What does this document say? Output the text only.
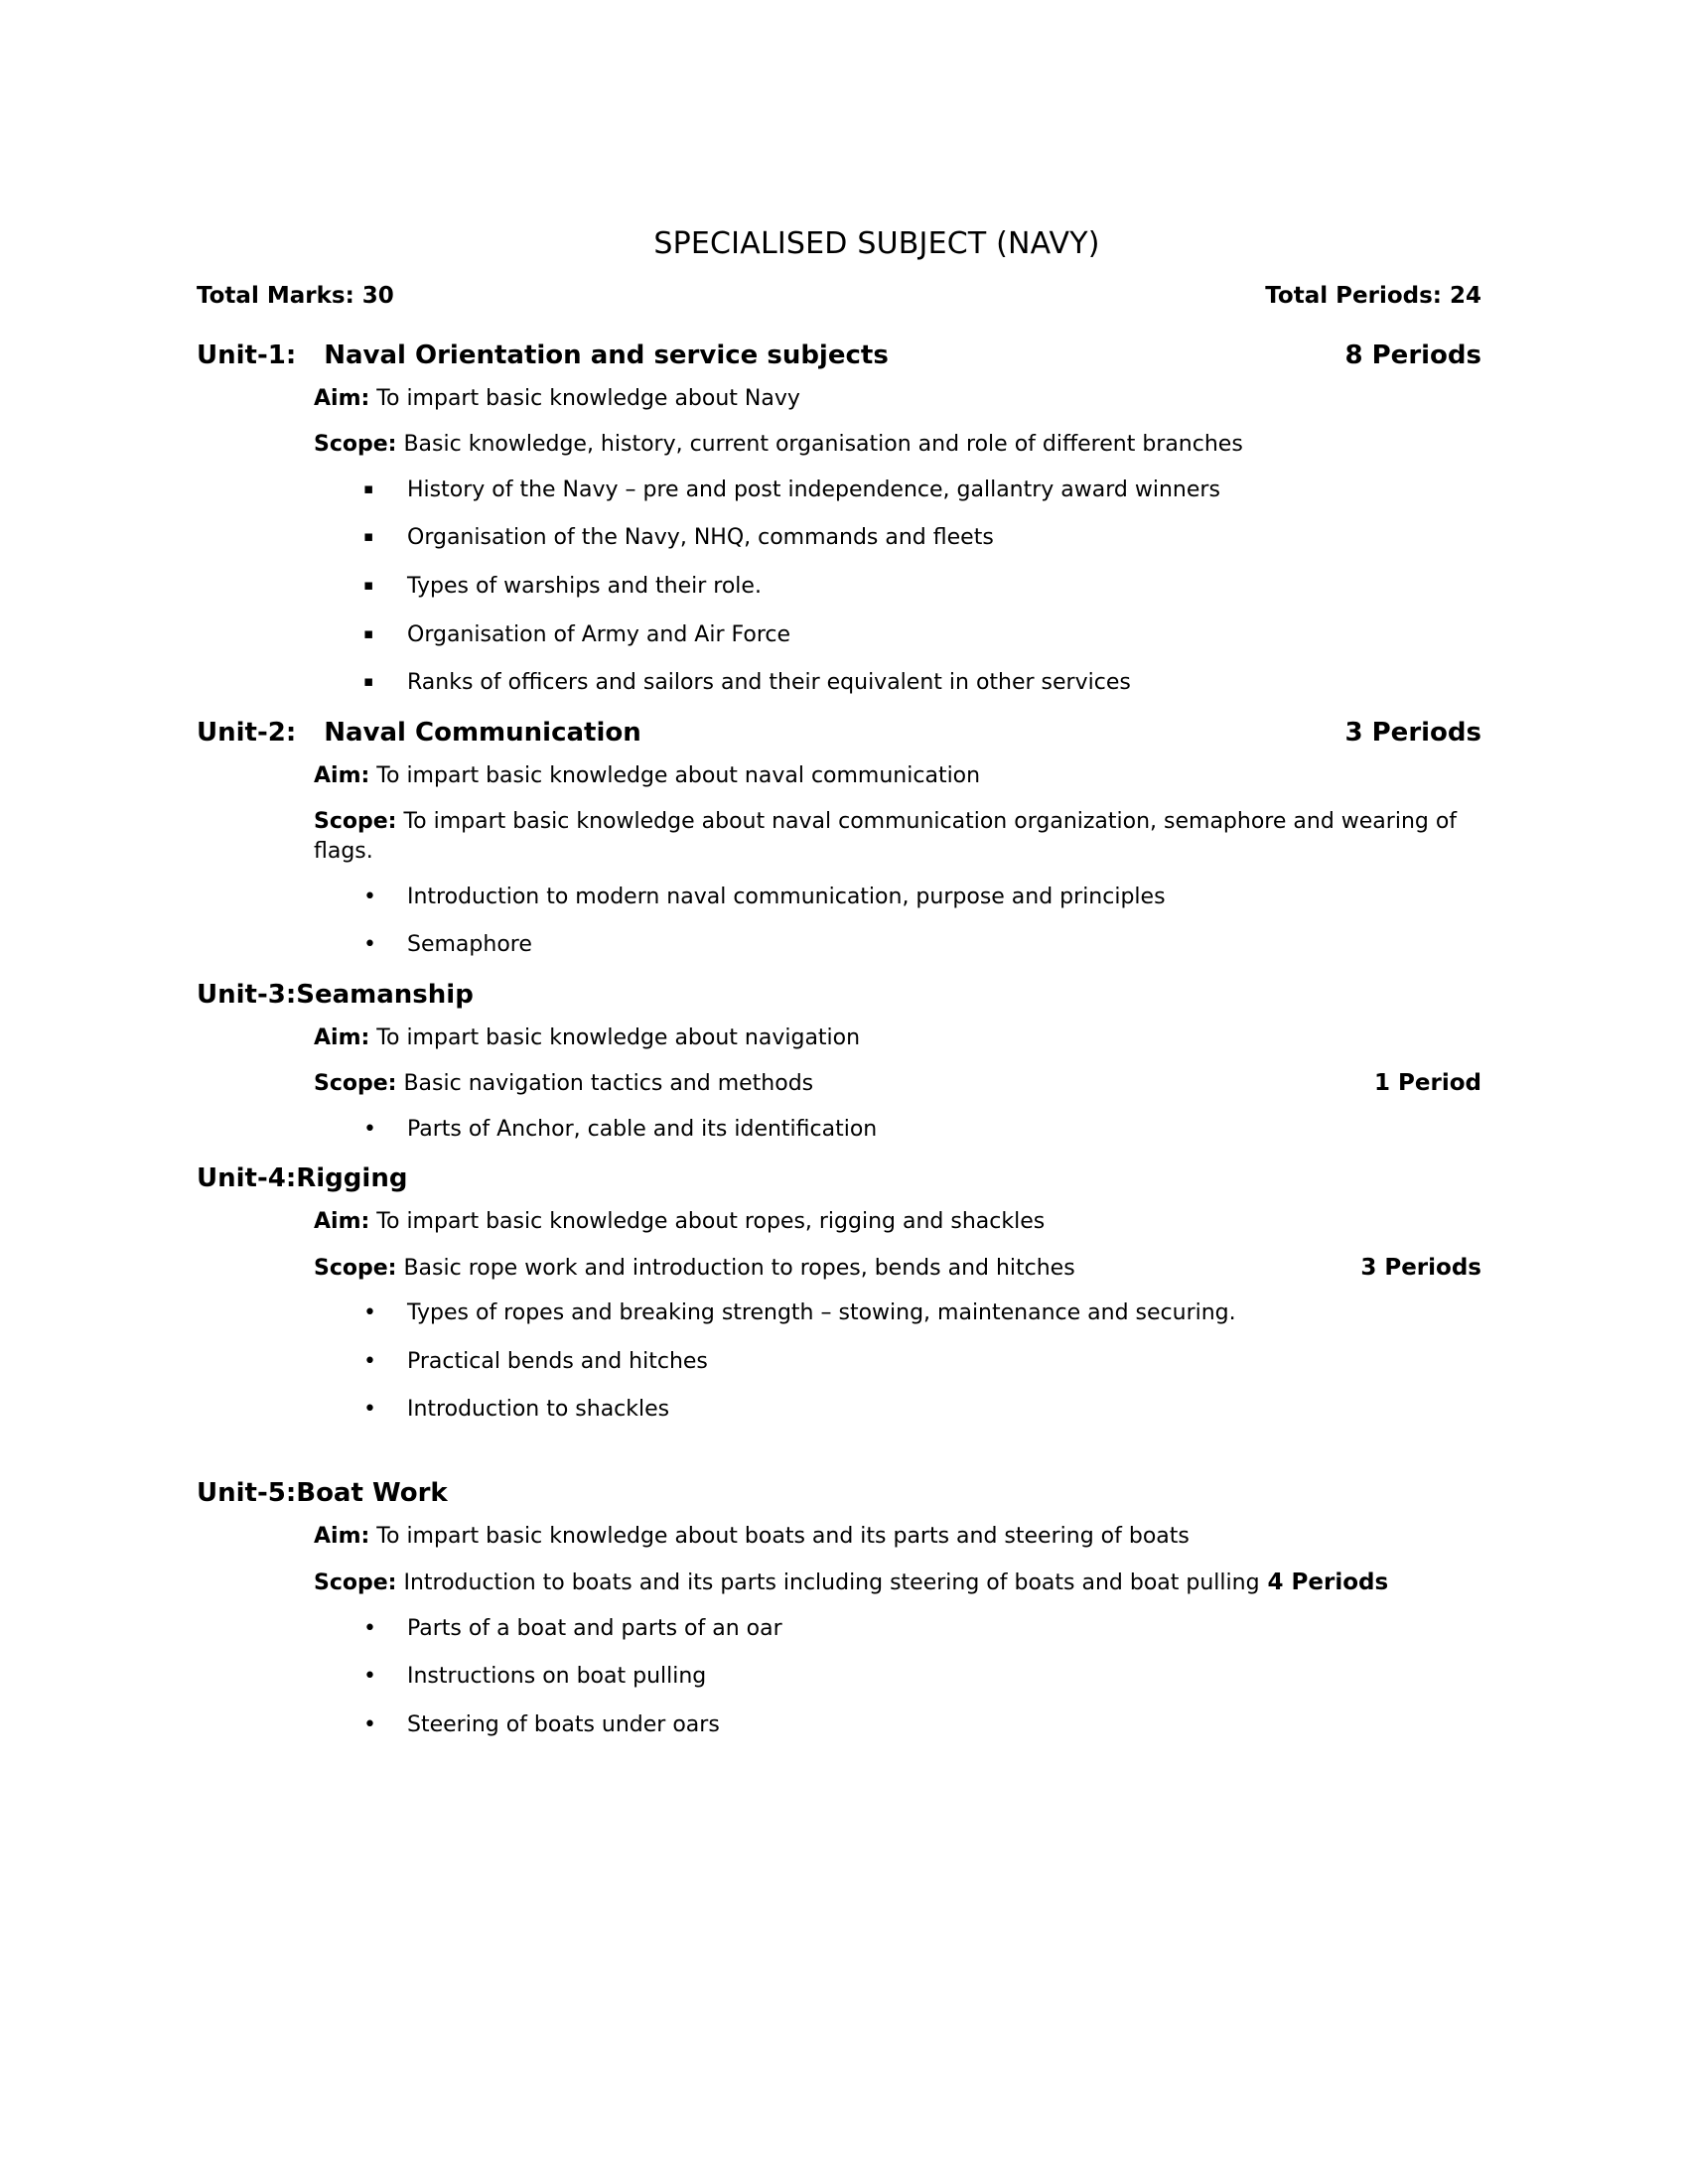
SPECIALISED SUBJECT (NAVY)
Total Marks: 30	Total Periods: 24
Unit-1: Naval Orientation and service subjects	8 Periods
Aim: To impart basic knowledge about Navy
Scope: Basic knowledge, history, current organisation and role of different branches
▪	History of the Navy – pre and post independence, gallantry award winners
▪	Organisation of the Navy, NHQ, commands and fleets
▪	Types of warships and their role.
▪	Organisation of Army and Air Force
▪	Ranks of officers and sailors and their equivalent in other services
Unit-2: Naval Communication	3 Periods
Aim: To impart basic knowledge about naval communication
Scope: To impart basic knowledge about naval communication organization, semaphore and wearing of flags.
•	Introduction to modern naval communication, purpose and principles
•	Semaphore
Unit-3: Seamanship
Aim: To impart basic knowledge about navigation
Scope: Basic navigation tactics and methods	1 Period
•	Parts of Anchor, cable and its identification
Unit-4: Rigging
Aim: To impart basic knowledge about ropes, rigging and shackles
Scope: Basic rope work and introduction to ropes, bends and hitches	3 Periods
•	Types of ropes and breaking strength – stowing, maintenance and securing.
•	Practical bends and hitches
•	Introduction to shackles
Unit-5: Boat Work
Aim: To impart basic knowledge about boats and its parts and steering of boats
Scope: Introduction to boats and its parts including steering of boats and boat pulling 4 Periods
•	Parts of a boat and parts of an oar
•	Instructions on boat pulling
•	Steering of boats under oars
